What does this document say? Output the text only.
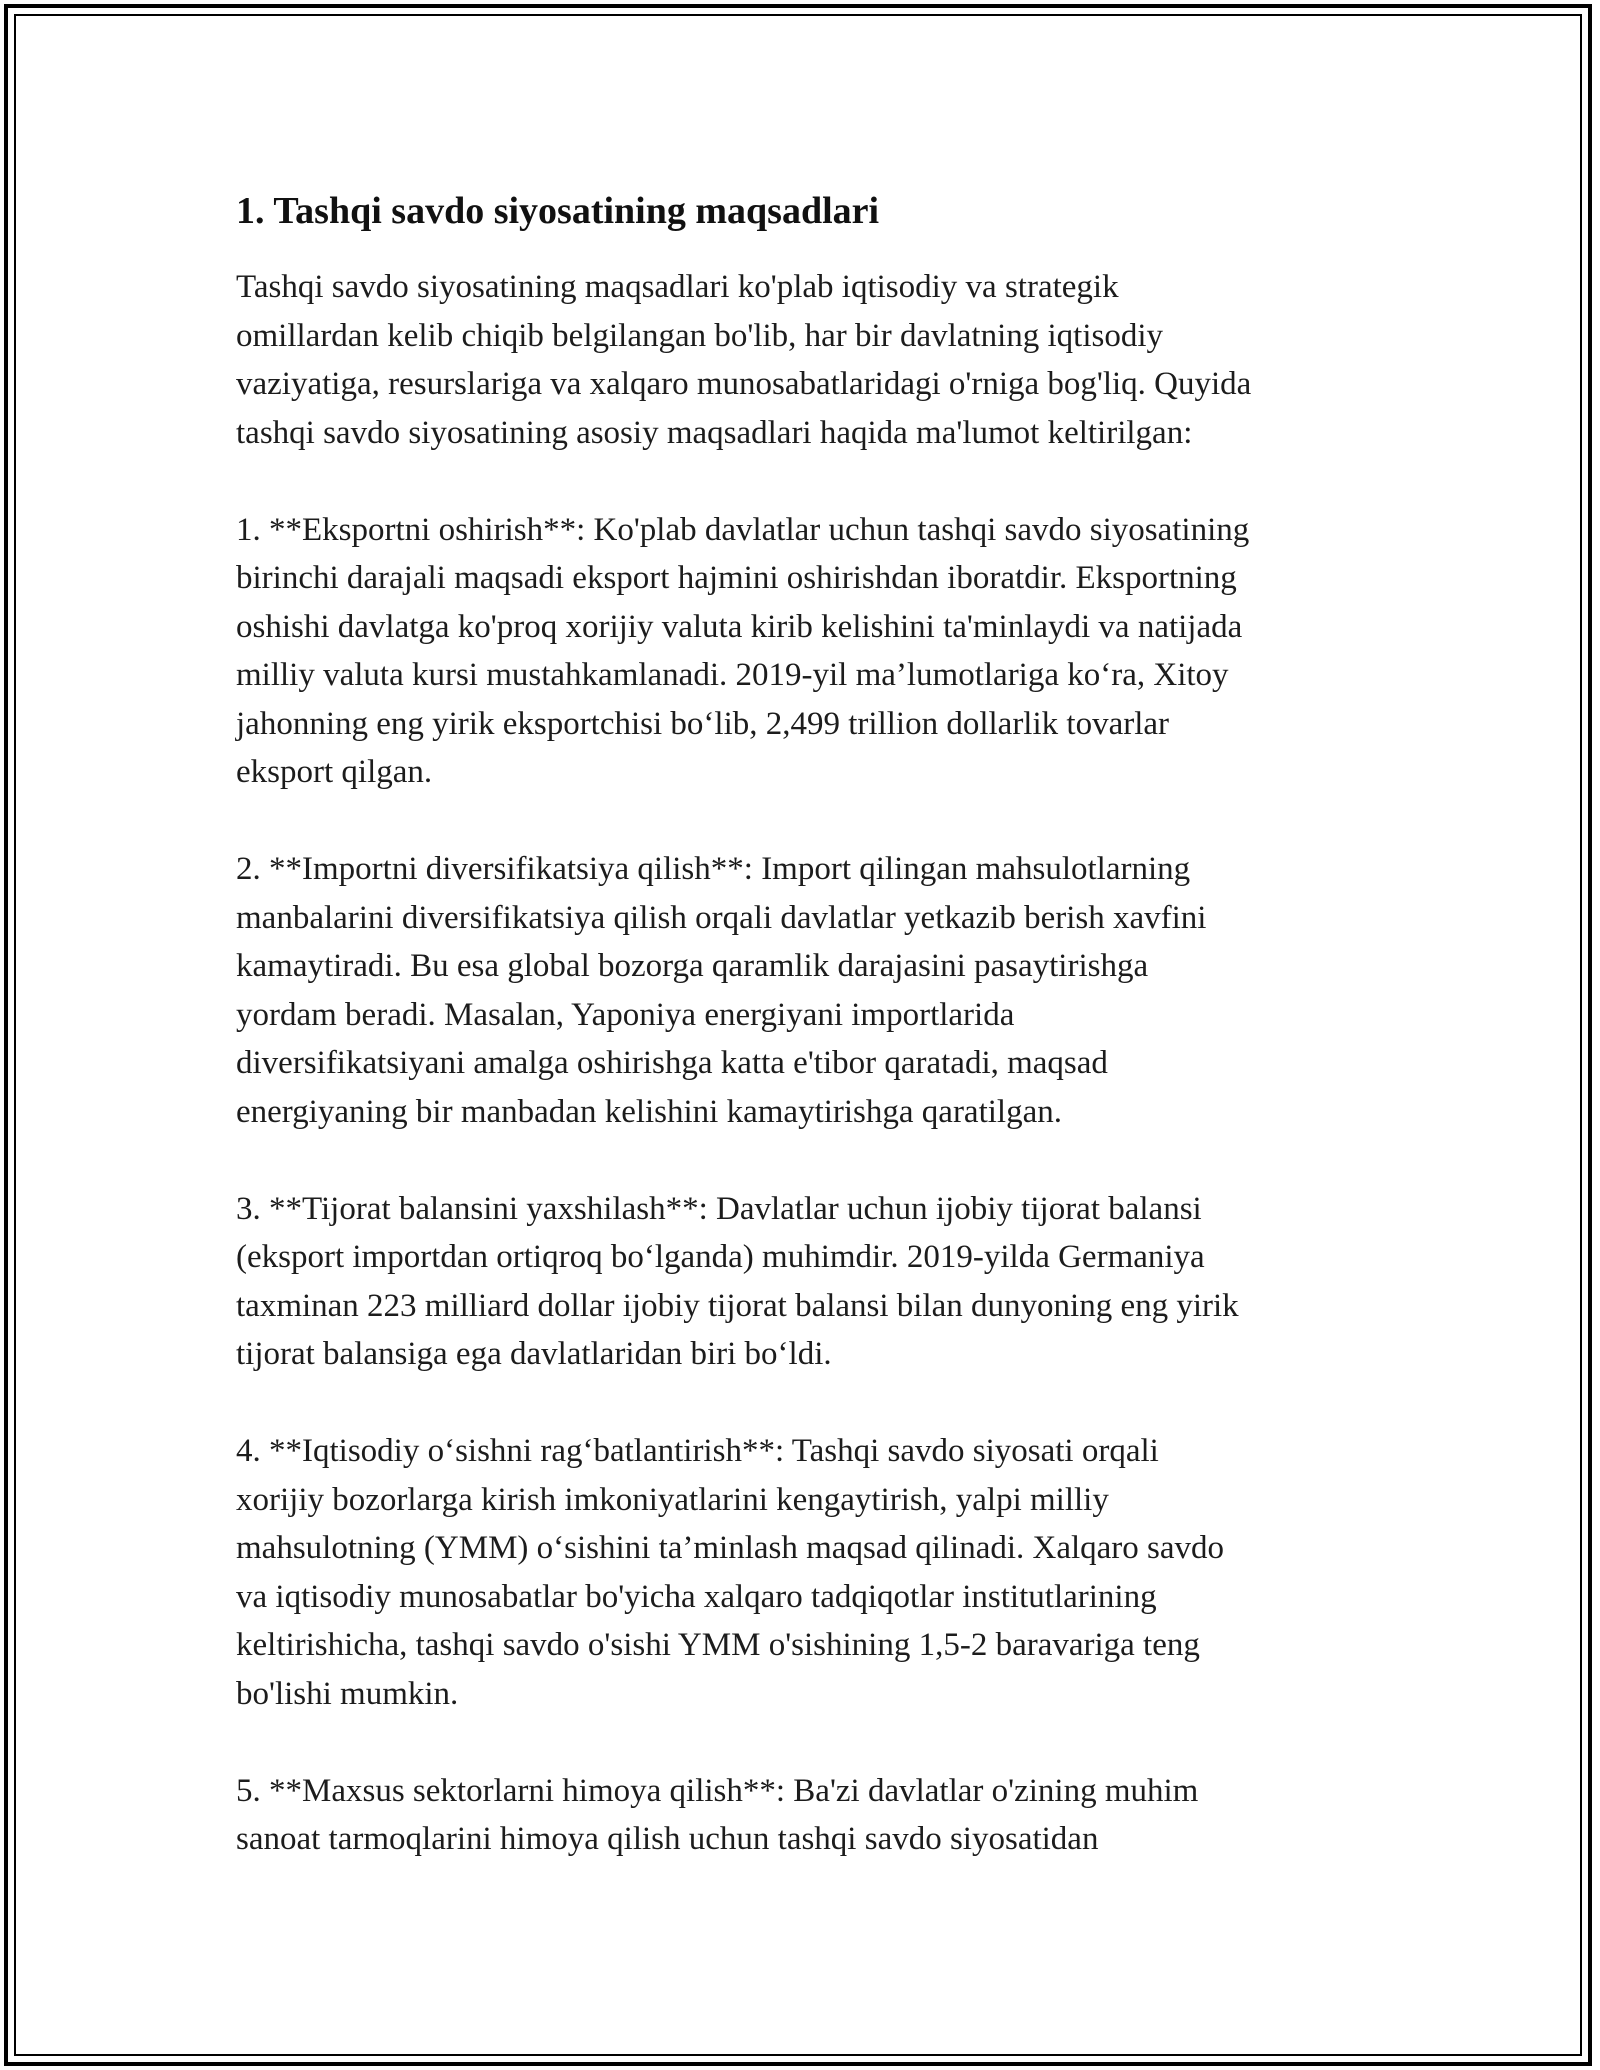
1. Tashqi savdo siyosatining maqsadlari

Tashqi savdo siyosatining maqsadlari ko'plab iqtisodiy va strategik
omillardan kelib chiqib belgilangan bo'lib, har bir davlatning iqtisodiy
vaziyatiga, resurslariga va xalqaro munosabatlaridagi o'rniga bog'liq. Quyida
tashqi savdo siyosatining asosiy maqsadlari haqida ma'lumot keltirilgan:

1. **Eksportni oshirish**: Ko'plab davlatlar uchun tashqi savdo siyosatining
birinchi darajali maqsadi eksport hajmini oshirishdan iboratdir. Eksportning
oshishi davlatga ko'proq xorijiy valuta kirib kelishini ta'minlaydi va natijada
milliy valuta kursi mustahkamlanadi. 2019-yil ma’lumotlariga ko‘ra, Xitoy
jahonning eng yirik eksportchisi bo‘lib, 2,499 trillion dollarlik tovarlar
eksport qilgan.

2. **Importni diversifikatsiya qilish**: Import qilingan mahsulotlarning
manbalarini diversifikatsiya qilish orqali davlatlar yetkazib berish xavfini
kamaytiradi. Bu esa global bozorga qaramlik darajasini pasaytirishga
yordam beradi. Masalan, Yaponiya energiyani importlarida
diversifikatsiyani amalga oshirishga katta e'tibor qaratadi, maqsad
energiyaning bir manbadan kelishini kamaytirishga qaratilgan.

3. **Tijorat balansini yaxshilash**: Davlatlar uchun ijobiy tijorat balansi
(eksport importdan ortiqroq bo‘lganda) muhimdir. 2019-yilda Germaniya
taxminan 223 milliard dollar ijobiy tijorat balansi bilan dunyoning eng yirik
tijorat balansiga ega davlatlaridan biri bo‘ldi.

4. **Iqtisodiy o‘sishni rag‘batlantirish**: Tashqi savdo siyosati orqali
xorijiy bozorlarga kirish imkoniyatlarini kengaytirish, yalpi milliy
mahsulotning (YMM) o‘sishini ta’minlash maqsad qilinadi. Xalqaro savdo
va iqtisodiy munosabatlar bo'yicha xalqaro tadqiqotlar institutlarining
keltirishicha, tashqi savdo o'sishi YMM o'sishining 1,5-2 baravariga teng
bo'lishi mumkin.

5. **Maxsus sektorlarni himoya qilish**: Ba'zi davlatlar o'zining muhim
sanoat tarmoqlarini himoya qilish uchun tashqi savdo siyosatidan
